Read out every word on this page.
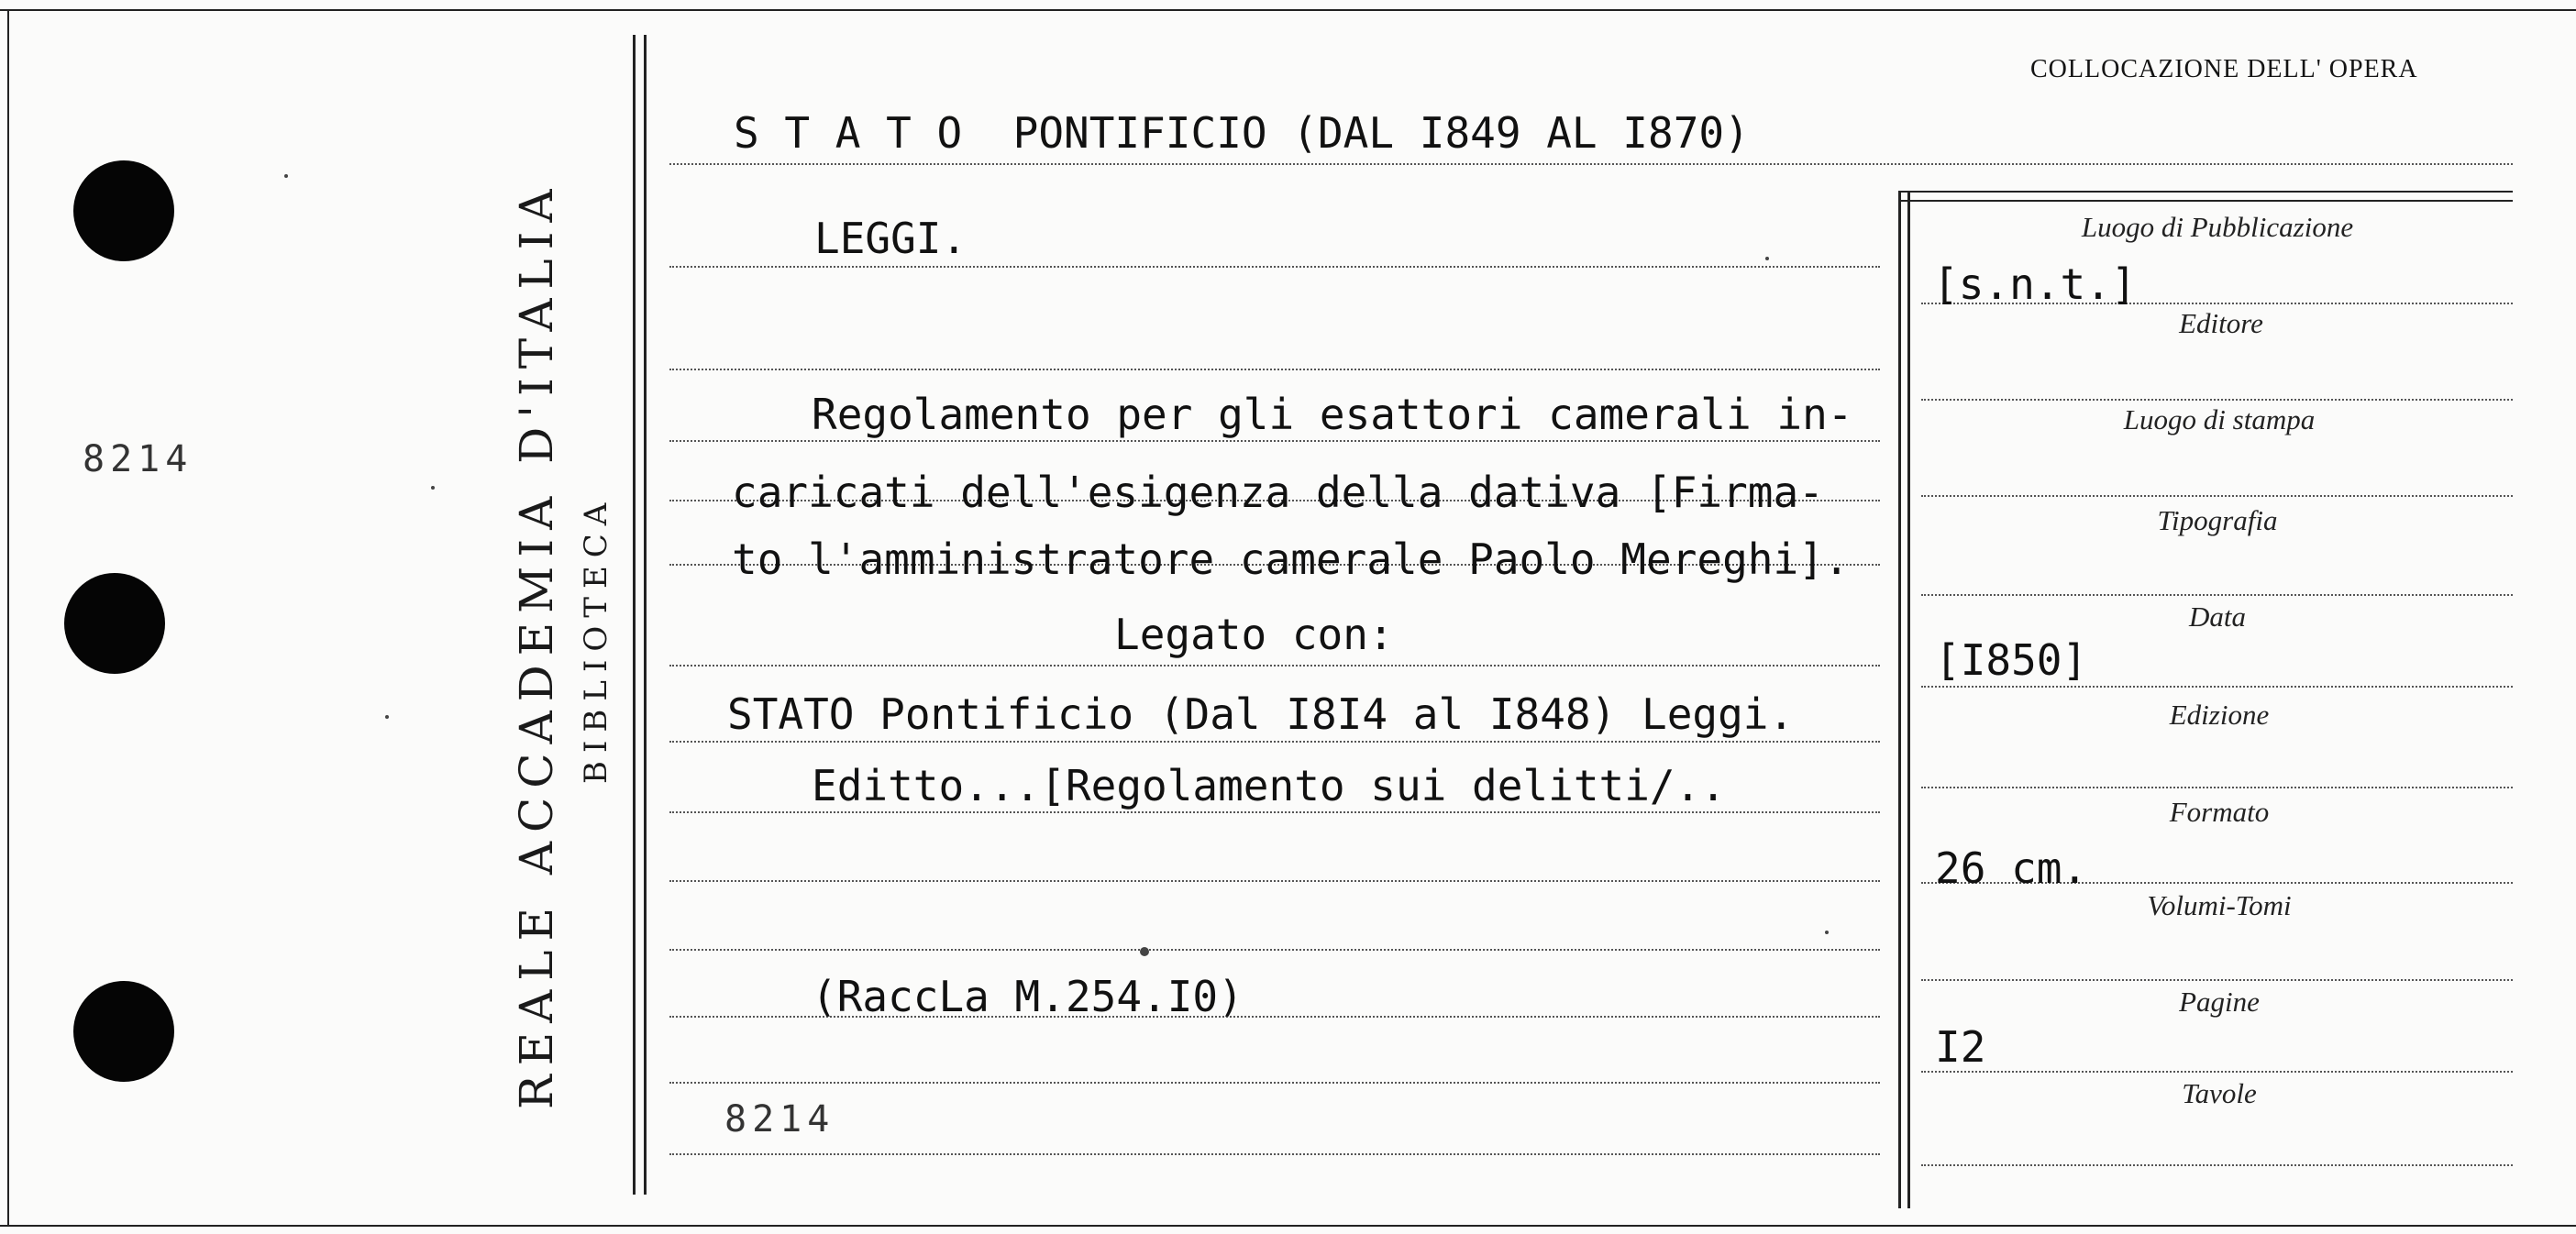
8214	REALE ACCADEMIA D'ITALIA BIBLIOTECA
COLLOCAZIONE DELL' OPERA
S T A T O  PONTIFICIO (DAL I849 AL I870)
LEGGI.
Regolamento per gli esattori camerali in-
caricati dell'esigenza della dativa [Firma-
to l'amministratore camerale Paolo Mereghi].
Legato con:
STATO Pontificio (Dal I8I4 al I848) Leggi.
Editto...[Regolamento sui delitti/..
(RaccLa M.254.I0)
8214
Luogo di Pubblicazione
[s.n.t.]
Editore
Luogo di stampa
Tipografia
Data
[I850]
Edizione
Formato
26 cm.
Volumi-Tomi
Pagine
I2
Tavole
